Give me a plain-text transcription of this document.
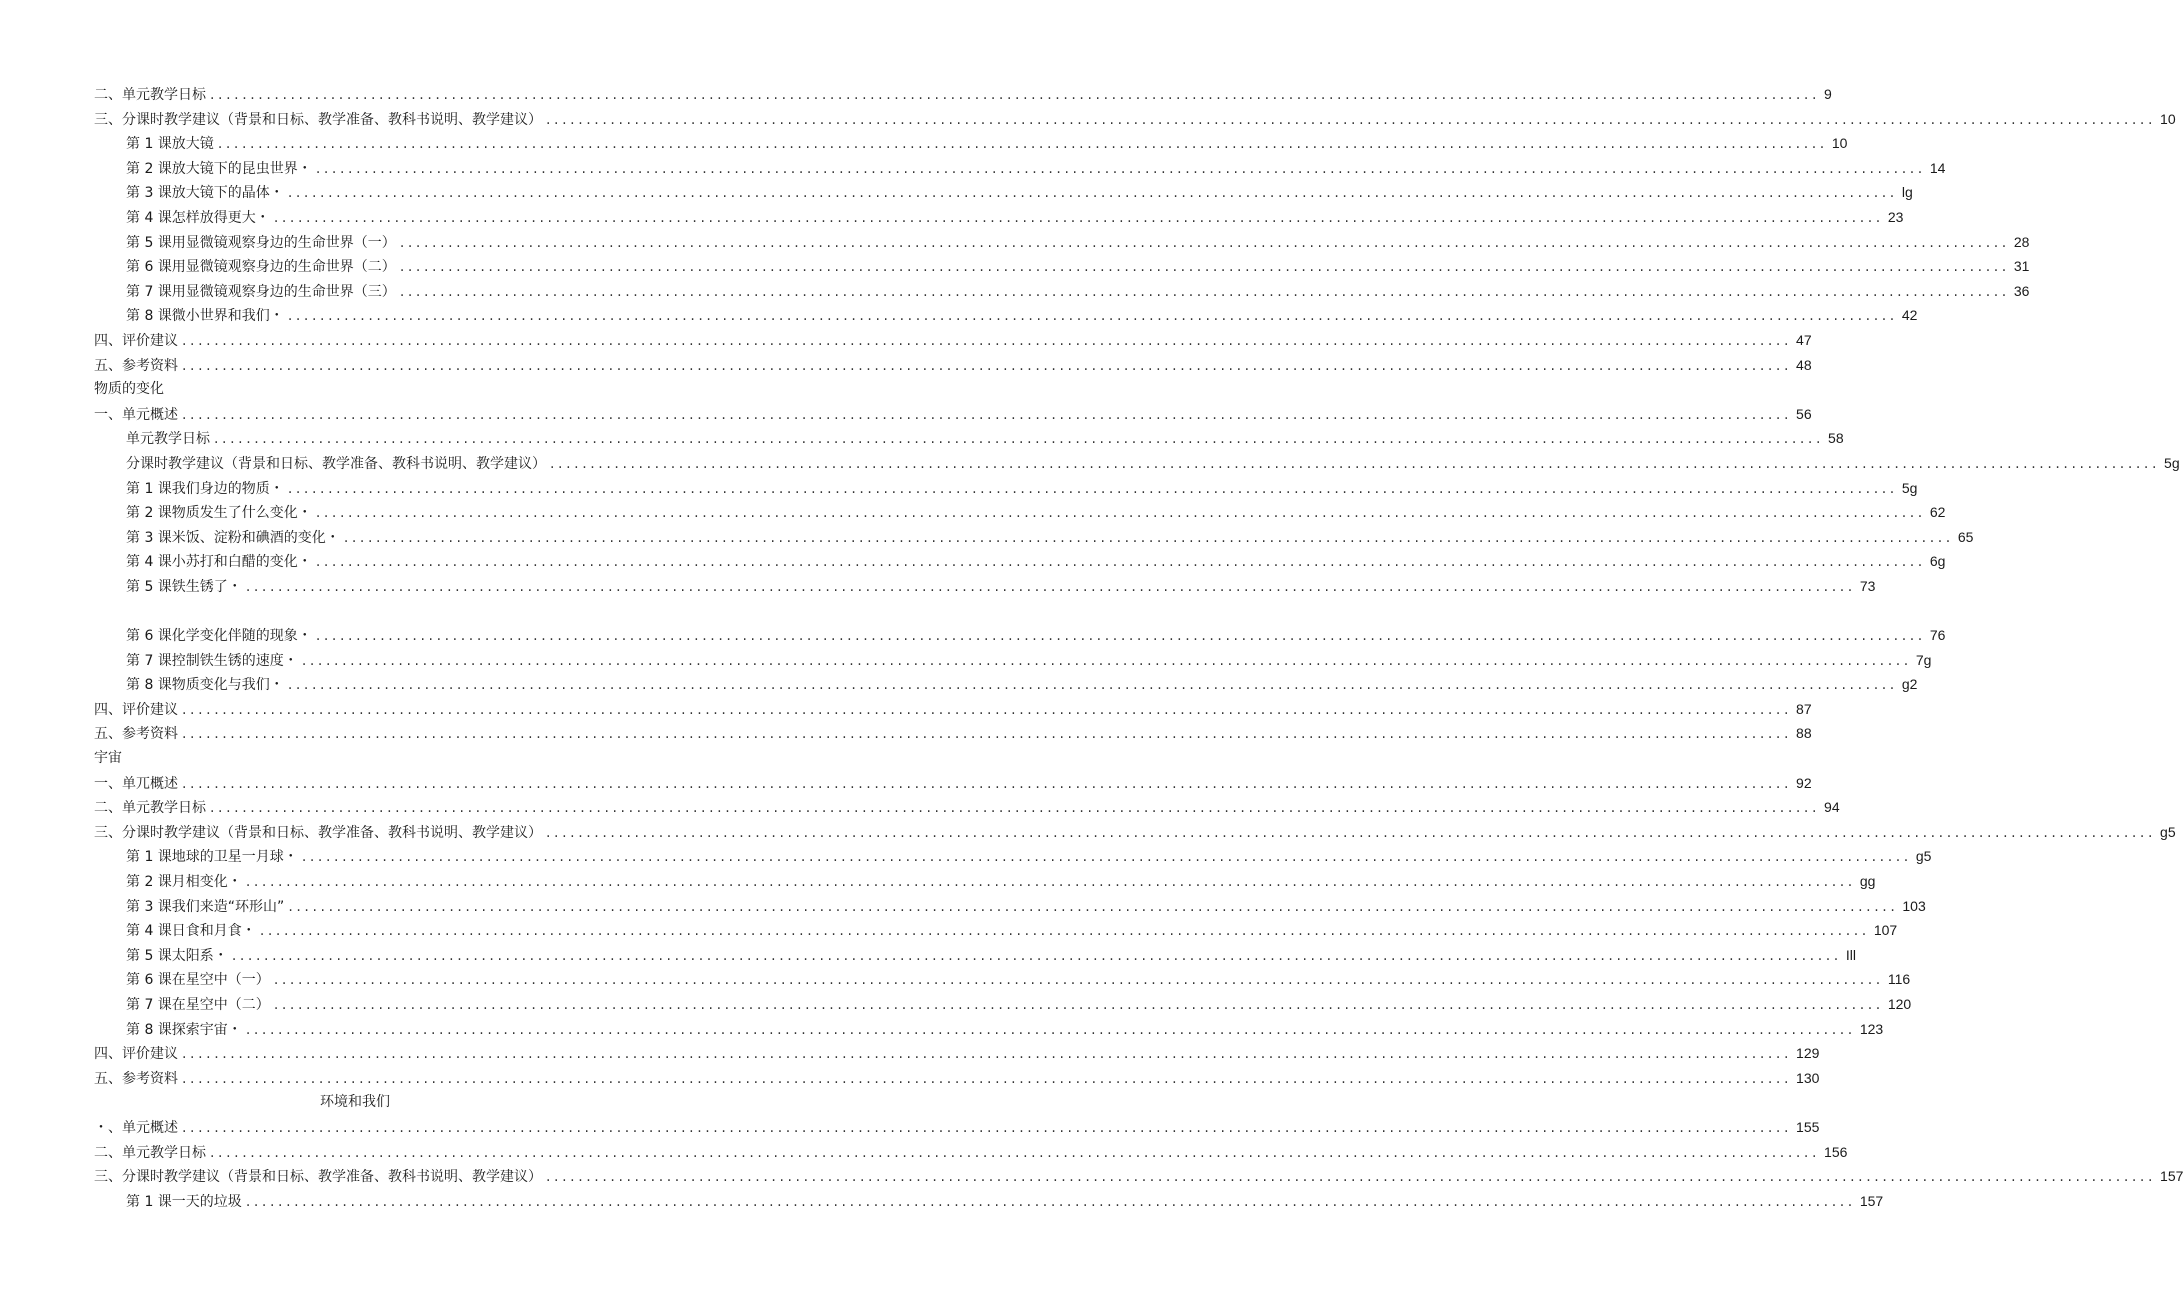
二、单元教学日标 ........................................................................................................................................................................................................ 9
三、分课时教学建议（背景和日标、教学准备、教科书说明、教学建议） ........................................................................................................................................................................................................ 10
第 1 课放大镜 ........................................................................................................................................................................................................ 10
第 2 课放大镜下的昆虫世界・ ........................................................................................................................................................................................................ 14
第 3 课放大镜下的晶体・ ........................................................................................................................................................................................................ lg
第 4 课怎样放得更大・ ........................................................................................................................................................................................................ 23
第 5 课用显微镜观察身边的生命世界（一） ........................................................................................................................................................................................................ 28
第 6 课用显微镜观察身边的生命世界（二） ........................................................................................................................................................................................................ 31
第 7 课用显微镜观察身边的生命世界（三） ........................................................................................................................................................................................................ 36
第 8 课微小世界和我们・ ........................................................................................................................................................................................................ 42
四、评价建议 ........................................................................................................................................................................................................ 47
五、参考资料 ........................................................................................................................................................................................................ 48
物质的变化
一、单元概述 ........................................................................................................................................................................................................ 56
单元教学日标 ........................................................................................................................................................................................................ 58
分课时教学建议（背景和日标、教学准备、教科书说明、教学建议） ........................................................................................................................................................................................................ 5g
第 1 课我们身边的物质・ ........................................................................................................................................................................................................ 5g
第 2 课物质发生了什么变化・ ........................................................................................................................................................................................................ 62
第 3 课米饭、淀粉和碘酒的变化・ ........................................................................................................................................................................................................ 65
第 4 课小苏打和白醋的变化・ ........................................................................................................................................................................................................ 6g
第 5 课铁生锈了・ ........................................................................................................................................................................................................ 73
第 6 课化学变化伴随的现象・ ........................................................................................................................................................................................................ 76
第 7 课控制铁生锈的速度・ ........................................................................................................................................................................................................ 7g
第 8 课物质变化与我们・ ........................................................................................................................................................................................................ g2
四、评价建议 ........................................................................................................................................................................................................ 87
五、参考资料 ........................................................................................................................................................................................................ 88
宇宙
一、单兀概述 ........................................................................................................................................................................................................ 92
二、单元教学日标 ........................................................................................................................................................................................................ 94
三、分课时教学建议（背景和日标、教学准备、教科书说明、教学建议） ........................................................................................................................................................................................................ g5
第 1 课地球的卫星一月球・ ........................................................................................................................................................................................................ g5
第 2 课月相变化・ ........................................................................................................................................................................................................ gg
第 3 课我们来造“环形山” ........................................................................................................................................................................................................ 103
第 4 课日食和月食・ ........................................................................................................................................................................................................ 107
第 5 课太阳系・ ........................................................................................................................................................................................................ Ill
第 6 课在星空中（一） ........................................................................................................................................................................................................ 116
第 7 课在星空中（二） ........................................................................................................................................................................................................ 120
第 8 课探索宇宙・ ........................................................................................................................................................................................................ 123
四、评价建议 ........................................................................................................................................................................................................ 129
五、参考资料 ........................................................................................................................................................................................................ 130
环境和我们
・、单元概述 ........................................................................................................................................................................................................ 155
二、单元教学日标 ........................................................................................................................................................................................................ 156
三、分课时教学建议（背景和日标、教学准备、教科书说明、教学建议） ........................................................................................................................................................................................................ 157
第 1 课一天的垃圾 ........................................................................................................................................................................................................ 157
